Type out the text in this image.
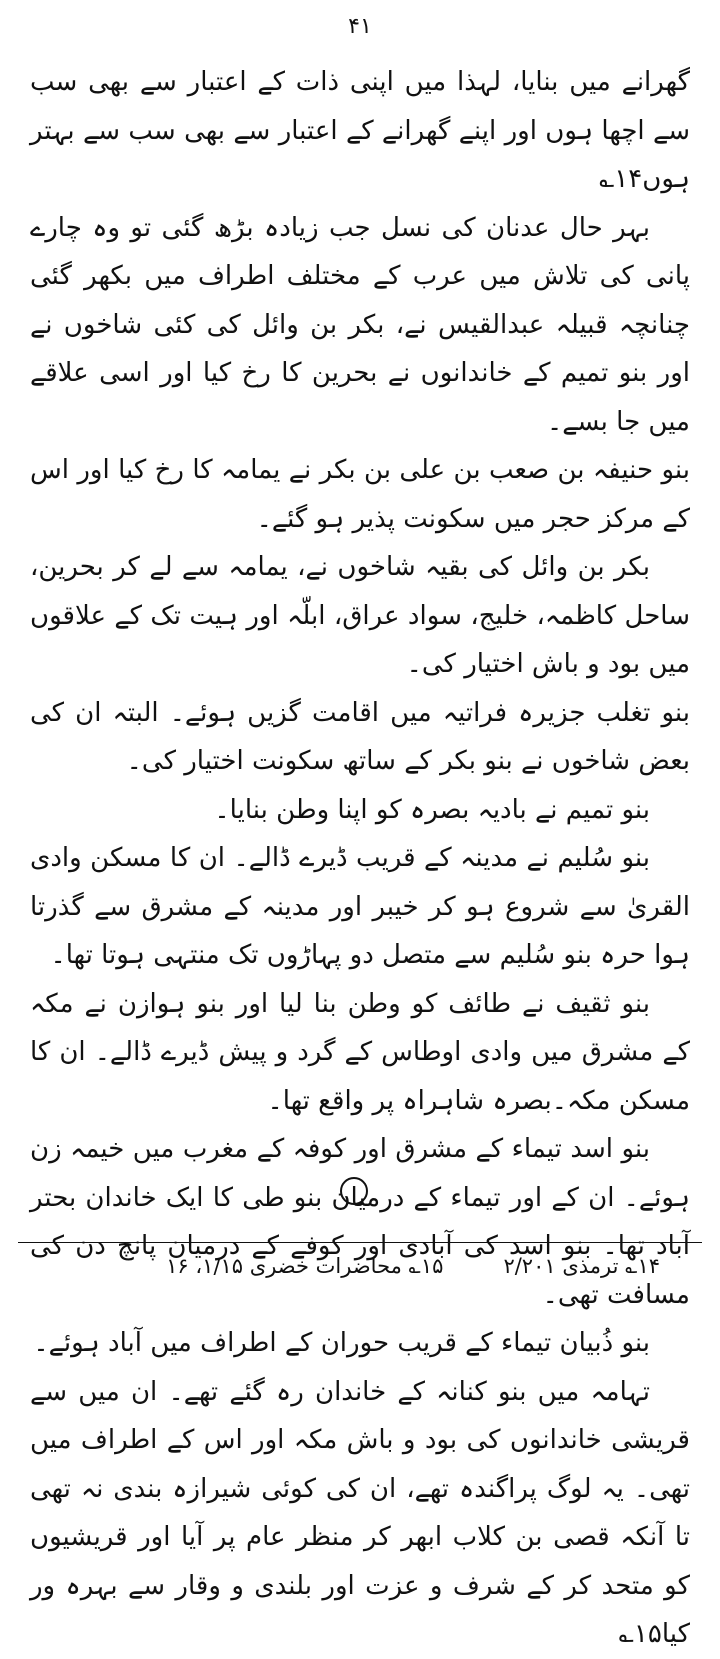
۴۱

گھرانے میں بنایا، لہذا میں اپنی ذات کے اعتبار سے بھی سب سے اچھا ہوں اور اپنے گھرانے کے اعتبار سے بھی سب سے بہتر ہوں۱۴؎

بہر حال عدنان کی نسل جب زیادہ بڑھ گئی تو وہ چارے پانی کی تلاش میں عرب کے مختلف اطراف میں بکھر گئی چنانچہ قبیلہ عبدالقیس نے، بکر بن وائل کی کئی شاخوں نے اور بنو تمیم کے خاندانوں نے بحرین کا رخ کیا اور اسی علاقے میں جا بسے۔

بنو حنیفہ بن صعب بن علی بن بکر نے یمامہ کا رخ کیا اور اس کے مرکز حجر میں سکونت پذیر ہو گئے۔

بکر بن وائل کی بقیہ شاخوں نے، یمامہ سے لے کر بحرین، ساحل کاظمہ، خلیج، سواد عراق، ابلّہ اور ہیت تک کے علاقوں میں بود و باش اختیار کی۔

بنو تغلب جزیرہ فراتیہ میں اقامت گزیں ہوئے۔ البتہ ان کی بعض شاخوں نے بنو بکر کے ساتھ سکونت اختیار کی۔

بنو تمیم نے بادیہ بصرہ کو اپنا وطن بنایا۔

بنو سُلیم نے مدینہ کے قریب ڈیرے ڈالے۔ ان کا مسکن وادی القریٰ سے شروع ہو کر خیبر اور مدینہ کے مشرق سے گذرتا ہوا حرہ بنو سُلیم سے متصل دو پہاڑوں تک منتہی ہوتا تھا۔

بنو ثقیف نے طائف کو وطن بنا لیا اور بنو ہوازن نے مکہ کے مشرق میں وادی اوطاس کے گرد و پیش ڈیرے ڈالے۔ ان کا مسکن مکہ۔بصرہ شاہراہ پر واقع تھا۔

بنو اسد تیماء کے مشرق اور کوفہ کے مغرب میں خیمہ زن ہوئے۔ ان کے اور تیماء کے درمیان بنو طی کا ایک خاندان بحتر آباد تھا۔ بنو اسد کی آبادی اور کوفے کے درمیان پانچ دن کی مسافت تھی۔

بنو ذُبیان تیماء کے قریب حوران کے اطراف میں آباد ہوئے۔

تہامہ میں بنو کنانہ کے خاندان رہ گئے تھے۔ ان میں سے قریشی خاندانوں کی بود و باش مکہ اور اس کے اطراف میں تھی۔ یہ لوگ پراگندہ تھے، ان کی کوئی شیرازہ بندی نہ تھی تا آنکہ قصی بن کلاب ابھر کر منظر عام پر آیا اور قریشیوں کو متحد کر کے شرف و عزت اور بلندی و وقار سے بہرہ ور کیا۱۵؎

۱۴؎ ترمذی ۲/۲۰۱
۱۵؎ محاضرات خضری ۱/۱۵، ۱۶
